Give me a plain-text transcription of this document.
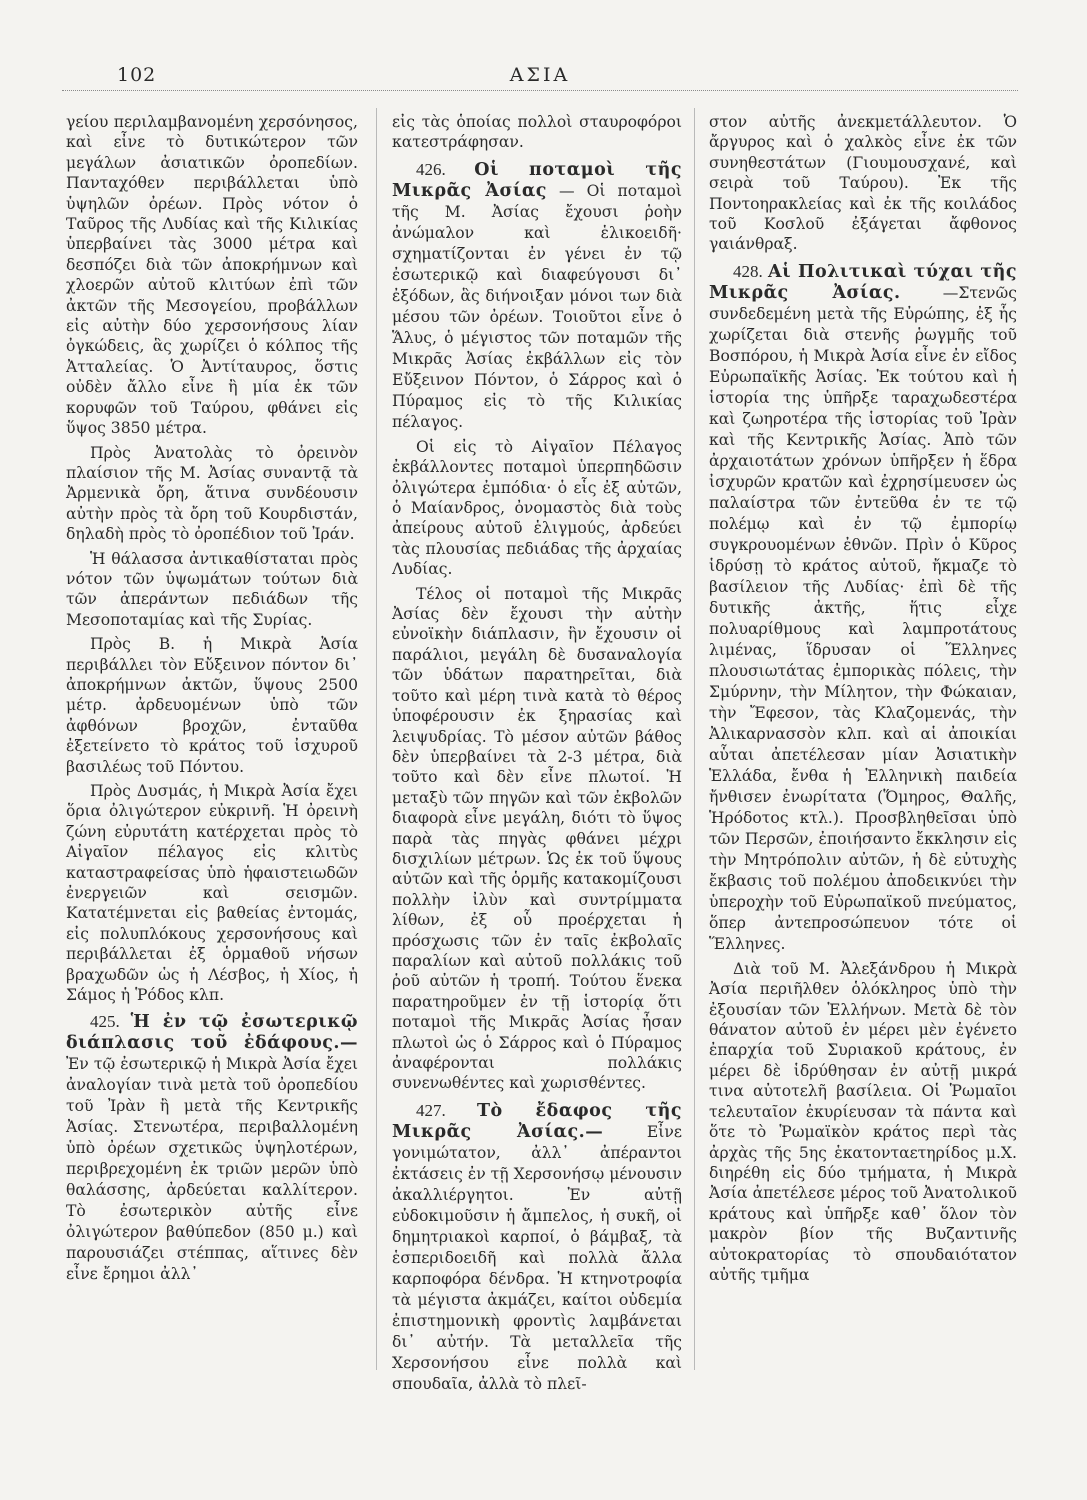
102	ΑΣΙΑ

γείου περιλαμβανομένη χερσόνησος, καὶ εἶνε τὸ δυτικώτερον τῶν μεγάλων ἀσιατικῶν ὀροπεδίων. Πανταχόθεν περιβάλλεται ὑπὸ ὑψηλῶν ὀρέων. Πρὸς νότον ὁ Ταῦρος τῆς Λυδίας καὶ τῆς Κιλικίας ὑπερβαίνει τὰς 3000 μέτρα καὶ δεσπόζει διὰ τῶν ἀποκρήμνων καὶ χλοερῶν αὐτοῦ κλιτύων ἐπὶ τῶν ἀκτῶν τῆς Μεσογείου, προβάλλων εἰς αὐτὴν δύο χερσονήσους λίαν ὀγκώδεις, ἃς χωρίζει ὁ κόλπος τῆς Ἀτταλείας. Ὁ Ἀντίταυρος, ὅστις οὐδὲν ἄλλο εἶνε ἢ μία ἐκ τῶν κορυφῶν τοῦ Ταύρου, φθάνει εἰς ὕψος 3850 μέτρα.

Πρὸς Ἀνατολὰς τὸ ὀρεινὸν πλαίσιον τῆς Μ. Ἀσίας συναντᾷ τὰ Ἀρμενικὰ ὄρη, ἅτινα συνδέουσιν αὐτὴν πρὸς τὰ ὄρη τοῦ Κουρδιστάν, δηλαδὴ πρὸς τὸ ὀροπέδιον τοῦ Ἰράν.

Ἡ θάλασσα ἀντικαθίσταται πρὸς νότον τῶν ὑψωμάτων τούτων διὰ τῶν ἀπεράντων πεδιάδων τῆς Μεσοποταμίας καὶ τῆς Συρίας.

Πρὸς Β. ἡ Μικρὰ Ἀσία περιβάλλει τὸν Εὔξεινον πόντον δι᾽ ἀποκρήμνων ἀκτῶν, ὕψους 2500 μέτρ. ἀρδευομένων ὑπὸ τῶν ἀφθόνων βροχῶν, ἐνταῦθα ἐξετείνετο τὸ κράτος τοῦ ἰσχυροῦ βασιλέως τοῦ Πόντου.

Πρὸς Δυσμάς, ἡ Μικρὰ Ἀσία ἔχει ὅρια ὀλιγώτερον εὐκρινῆ. Ἡ ὀρεινὴ ζώνη εὐρυτάτη κατέρχεται πρὸς τὸ Αἰγαῖον πέλαγος εἰς κλιτὺς καταστραφείσας ὑπὸ ἡφαιστειωδῶν ἐνεργειῶν καὶ σεισμῶν. Κατατέμνεται εἰς βαθείας ἐντομάς, εἰς πολυπλόκους χερσονήσους καὶ περιβάλλεται ἐξ ὁρμαθοῦ νήσων βραχωδῶν ὡς ἡ Λέσβος, ἡ Χίος, ἡ Σάμος ἡ Ῥόδος κλπ.

425. Ἡ ἐν τῷ ἐσωτερικῷ διάπλασις τοῦ ἐδάφους.— Ἐν τῷ ἐσωτερικῷ ἡ Μικρὰ Ἀσία ἔχει ἀναλογίαν τινὰ μετὰ τοῦ ὀροπεδίου τοῦ Ἰρὰν ἢ μετὰ τῆς Κεντρικῆς Ἀσίας. Στενωτέρα, περιβαλλομένη ὑπὸ ὀρέων σχετικῶς ὑψηλοτέρων, περιβρεχομένη ἐκ τριῶν μερῶν ὑπὸ θαλάσσης, ἀρδεύεται καλλίτερον. Τὸ ἐσωτερικὸν αὐτῆς εἶνε ὀλιγώτερον βαθύπεδον (850 μ.) καὶ παρουσιάζει στέππας, αἵτινες δὲν εἶνε ἔρημοι ἀλλ᾽

εἰς τὰς ὁποίας πολλοὶ σταυροφόροι κατεστράφησαν.

426. Οἱ ποταμοὶ τῆς Μικρᾶς Ἀσίας — Οἱ ποταμοὶ τῆς Μ. Ἀσίας ἔχουσι ῥοὴν ἀνώμαλον καὶ ἑλικοειδῆ· σχηματίζονται ἐν γένει ἐν τῷ ἐσωτερικῷ καὶ διαφεύγουσι δι᾽ ἐξόδων, ἃς διήνοιξαν μόνοι των διὰ μέσου τῶν ὀρέων. Τοιοῦτοι εἶνε ὁ Ἅλυς, ὁ μέγιστος τῶν ποταμῶν τῆς Μικρᾶς Ἀσίας ἐκβάλλων εἰς τὸν Εὔξεινον Πόντον, ὁ Σάρρος καὶ ὁ Πύραμος εἰς τὸ τῆς Κιλικίας πέλαγος.

Οἱ εἰς τὸ Αἰγαῖον Πέλαγος ἐκβάλλοντες ποταμοὶ ὑπερπηδῶσιν ὀλιγώτερα ἐμπόδια· ὁ εἷς ἐξ αὐτῶν, ὁ Μαίανδρος, ὀνομαστὸς διὰ τοὺς ἀπείρους αὐτοῦ ἑλιγμούς, ἀρδεύει τὰς πλουσίας πεδιάδας τῆς ἀρχαίας Λυδίας.

Τέλος οἱ ποταμοὶ τῆς Μικρᾶς Ἀσίας δὲν ἔχουσι τὴν αὐτὴν εὐνοϊκὴν διάπλασιν, ἣν ἔχουσιν οἱ παράλιοι, μεγάλη δὲ δυσαναλογία τῶν ὑδάτων παρατηρεῖται, διὰ τοῦτο καὶ μέρη τινὰ κατὰ τὸ θέρος ὑποφέρουσιν ἐκ ξηρασίας καὶ λειψυδρίας. Τὸ μέσον αὐτῶν βάθος δὲν ὑπερβαίνει τὰ 2-3 μέτρα, διὰ τοῦτο καὶ δὲν εἶνε πλωτοί. Ἡ μεταξὺ τῶν πηγῶν καὶ τῶν ἐκβολῶν διαφορὰ εἶνε μεγάλη, διότι τὸ ὕψος παρὰ τὰς πηγὰς φθάνει μέχρι δισχιλίων μέτρων. Ὡς ἐκ τοῦ ὕψους αὐτῶν καὶ τῆς ὁρμῆς κατακομίζουσι πολλὴν ἰλὺν καὶ συντρίμματα λίθων, ἐξ οὗ προέρχεται ἡ πρόσχωσις τῶν ἐν ταῖς ἐκβολαῖς παραλίων καὶ αὐτοῦ πολλάκις τοῦ ῥοῦ αὐτῶν ἡ τροπή. Τούτου ἕνεκα παρατηροῦμεν ἐν τῇ ἱστορίᾳ ὅτι ποταμοὶ τῆς Μικρᾶς Ἀσίας ἦσαν πλωτοὶ ὡς ὁ Σάρρος καὶ ὁ Πύραμος ἀναφέρονται πολλάκις συνενωθέντες καὶ χωρισθέντες.

427. Τὸ ἔδαφος τῆς Μικρᾶς Ἀσίας.—	Εἶνε γονιμώτατον, ἀλλ᾽ ἀπέραντοι ἐκτάσεις ἐν τῇ Χερσονήσῳ μένουσιν ἀκαλλιέργητοι. Ἐν αὐτῇ εὐδοκιμοῦσιν ἡ ἄμπελος, ἡ συκῆ, οἱ δημητριακοὶ καρποί, ὁ βάμβαξ, τὰ ἑσπεριδοειδῆ καὶ πολλὰ ἄλλα καρποφόρα δένδρα. Ἡ κτηνοτροφία τὰ μέγιστα ἀκμάζει, καίτοι οὐδεμία ἐπιστημονικὴ φροντὶς λαμβάνεται δι᾽ αὐτήν. Τὰ μεταλλεῖα τῆς Χερσονήσου εἶνε πολλὰ καὶ σπουδαῖα, ἀλλὰ τὸ πλεῖ-

στον αὐτῆς ἀνεκμετάλλευτον. Ὁ ἄργυρος καὶ ὁ χαλκὸς εἶνε ἐκ τῶν συνηθεστάτων (Γιουμουσχανέ, καὶ σειρὰ τοῦ Ταύρου). Ἐκ τῆς Ποντοηρακλείας καὶ ἐκ τῆς κοιλάδος τοῦ Κοσλοῦ ἐξάγεται ἄφθονος γαιάνθραξ.

428. Αἱ Πολιτικαὶ τύχαι τῆς Μικρᾶς Ἀσίας.	—Στενῶς συνδεδεμένη μετὰ τῆς Εὐρώπης, ἐξ ἧς χωρίζεται διὰ στενῆς ῥωγμῆς τοῦ Βοσπόρου, ἡ Μικρὰ Ἀσία εἶνε ἐν εἴδος Εὐρωπαϊκῆς Ἀσίας. Ἐκ τούτου καὶ ἡ ἱστορία της ὑπῆρξε ταραχωδεστέρα καὶ ζωηροτέρα τῆς ἱστορίας τοῦ Ἰρὰν καὶ τῆς Κεντρικῆς Ἀσίας. Ἀπὸ τῶν ἀρχαιοτάτων χρόνων ὑπῆρξεν ἡ ἕδρα ἰσχυρῶν κρατῶν καὶ ἐχρησίμευσεν ὡς παλαίστρα τῶν ἐντεῦθα ἐν τε τῷ πολέμῳ καὶ ἐν τῷ ἐμπορίῳ συγκρουομένων ἐθνῶν. Πρὶν ὁ Κῦρος ἱδρύσῃ τὸ κράτος αὐτοῦ, ἤκμαζε τὸ βασίλειον τῆς Λυδίας· ἐπὶ δὲ τῆς δυτικῆς ἀκτῆς, ἥτις εἶχε πολυαρίθμους καὶ λαμπροτάτους λιμένας, ἵδρυσαν οἱ Ἕλληνες πλουσιωτάτας ἐμπορικὰς πόλεις, τὴν Σμύρνην, τὴν Μίλητον, τὴν Φώκαιαν, τὴν Ἔφεσον, τὰς Κλαζομενάς, τὴν Ἀλικαρνασσὸν κλπ. καὶ αἱ ἀποικίαι αὗται ἀπετέλεσαν μίαν Ἀσιατικὴν Ἑλλάδα, ἔνθα ἡ Ἑλληνικὴ παιδεία ἤνθισεν ἐνωρίτατα (Ὅμηρος, Θαλῆς, Ἡρόδοτος κτλ.). Προσβληθεῖσαι ὑπὸ τῶν Περσῶν, ἐποιήσαντο ἔκκλησιν εἰς τὴν Μητρόπολιν αὐτῶν, ἡ δὲ εὐτυχὴς ἔκβασις τοῦ πολέμου ἀποδεικνύει τὴν ὑπεροχὴν τοῦ Εὐρωπαϊκοῦ πνεύματος, ὅπερ ἀντεπροσώπευον τότε οἱ Ἕλληνες.

Διὰ τοῦ Μ. Ἀλεξάνδρου ἡ Μικρὰ Ἀσία περιῆλθεν ὁλόκληρος ὑπὸ τὴν ἐξουσίαν τῶν Ἑλλήνων. Μετὰ δὲ τὸν θάνατον αὐτοῦ ἐν μέρει μὲν ἐγένετο ἐπαρχία τοῦ Συριακοῦ κράτους, ἐν μέρει δὲ ἱδρύθησαν ἐν αὐτῇ μικρά τινα αὐτοτελῆ βασίλεια. Οἱ Ῥωμαῖοι τελευταῖον ἐκυρίευσαν τὰ πάντα καὶ ὅτε τὸ Ῥωμαϊκὸν κράτος περὶ τὰς ἀρχὰς τῆς 5ης ἑκατονταετηρίδος μ.Χ. διηρέθη εἰς δύο τμήματα, ἡ Μικρὰ Ἀσία ἀπετέλεσε μέρος τοῦ Ἀνατολικοῦ κράτους καὶ ὑπῆρξε καθ᾽ ὅλον τὸν μακρὸν βίον τῆς Βυζαντινῆς αὐτοκρατορίας τὸ σπουδαιότατον αὐτῆς τμῆμα
